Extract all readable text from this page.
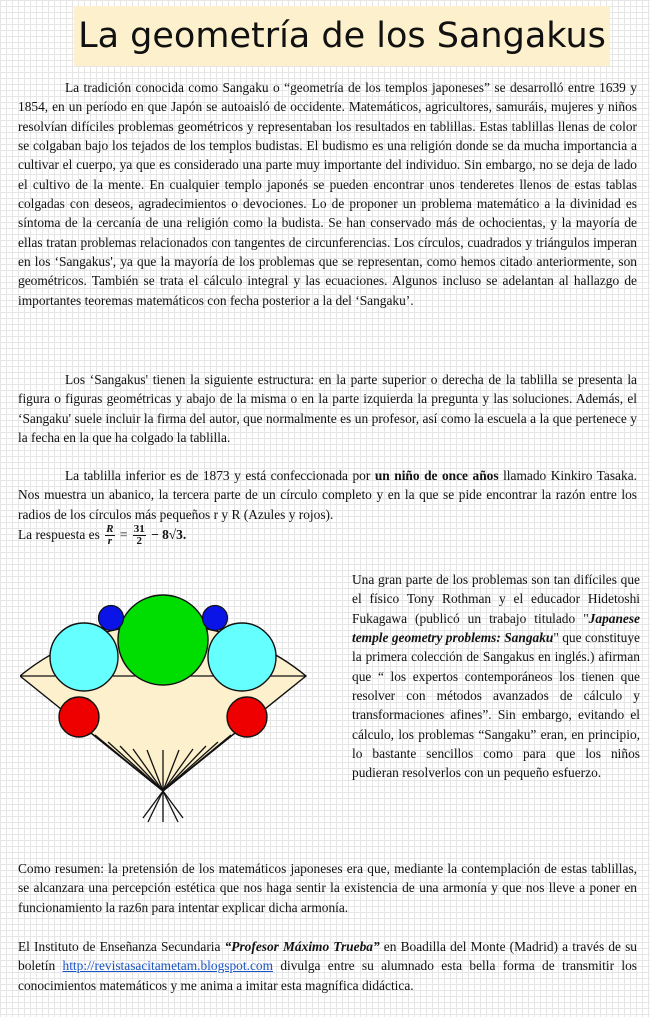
La geometría de los Sangakus

La tradición conocida como Sangaku o “geometría de los templos japoneses” se desarrolló entre 1639 y 1854, en un período en que Japón se autoaisló de occidente. Matemáticos, agricultores, samuráis, mujeres y niños resolvían difíciles problemas geométricos y representaban los resultados en tablillas. Estas tablillas llenas de color se colgaban bajo los tejados de los templos budistas. El budismo es una religión donde se da mucha importancia a cultivar el cuerpo, ya que es considerado una parte muy importante del individuo. Sin embargo, no se deja de lado el cultivo de la mente. En cualquier templo japonés se pueden encontrar unos tenderetes llenos de estas tablas colgadas con deseos, agradecimientos o devociones. Lo de proponer un problema matemático a la divinidad es síntoma de la cercanía de una religión como la budista. Se han conservado más de ochocientas, y la mayoría de ellas tratan problemas relacionados con tangentes de circunferencias. Los círculos, cuadrados y triángulos imperan en los ‘Sangakus', ya que la mayoría de los problemas que se representan, como hemos citado anteriormente, son geométricos. También se trata el cálculo integral y las ecuaciones. Algunos incluso se adelantan al hallazgo de importantes teoremas matemáticos con fecha posterior a la del ‘Sangaku’.

Los ‘Sangakus' tienen la siguiente estructura: en la parte superior o derecha de la tablilla se presenta la figura o figuras geométricas y abajo de la misma o en la parte izquierda la pregunta y las soluciones. Además, el ‘Sangaku' suele incluir la firma del autor, que normalmente es un profesor, así como la escuela a la que pertenece y la fecha en la que ha colgado la tablilla.

La tablilla inferior es de 1873 y está confeccionada por un niño de once años llamado Kinkiro Tasaka. Nos muestra un abanico, la tercera parte de un círculo completo y en la que se pide encontrar la razón entre los radios de los círculos más pequeños r y R (Azules y rojos).

La respuesta es $\frac{R}{r} = \frac{31}{2} - 8√3$.

Una gran parte de los problemas son tan difíciles que el físico Tony Rothman y el educador Hidetoshi Fukagawa (publicó un trabajo titulado "Japanese temple geometry problems: Sangaku" que constituye la primera colección de Sangakus en inglés.) afirman que “ los expertos contemporáneos los tienen que resolver con métodos avanzados de cálculo y transformaciones afines”. Sin embargo, evitando el cálculo, los problemas “Sangaku” eran, en principio, lo bastante sencillos como para que los niños pudieran resolverlos con un pequeño esfuerzo.

Como resumen: la pretensión de los matemáticos japoneses era que, mediante la contemplación de estas tablillas, se alcanzara una percepción estética que nos haga sentir la existencia de una armonía y que nos lleve a poner en funcionamiento la raz6n para intentar explicar dicha armonía.

El Instituto de Enseñanza Secundaria “Profesor Máximo Trueba” en Boadilla del Monte (Madrid) a través de su boletín http://revistasacitametam.blogspot.com divulga entre su alumnado esta bella forma de transmitir los conocimientos matemáticos y me anima a imitar esta magnífica didáctica.
